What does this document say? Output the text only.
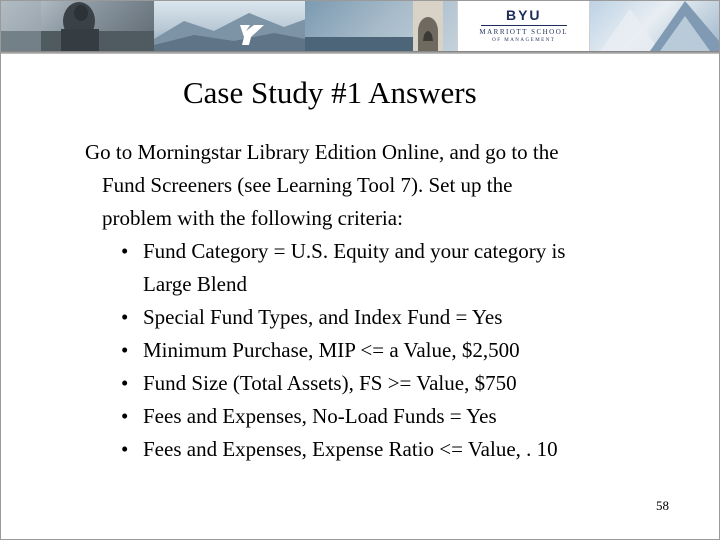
BYU
MARRIOTT SCHOOL
OF MANAGEMENT
Case Study #1 Answers
Go to Morningstar Library Edition Online, and go to the
Fund Screeners (see Learning Tool 7). Set up the
problem with the following criteria:
• Fund Category = U.S. Equity and your category is
Large Blend
• Special Fund Types, and Index Fund = Yes
• Minimum Purchase, MIP <= a Value, $2,500
• Fund Size (Total Assets), FS >= Value, $750
• Fees and Expenses, No-Load Funds = Yes
• Fees and Expenses, Expense Ratio <= Value, . 10
58
